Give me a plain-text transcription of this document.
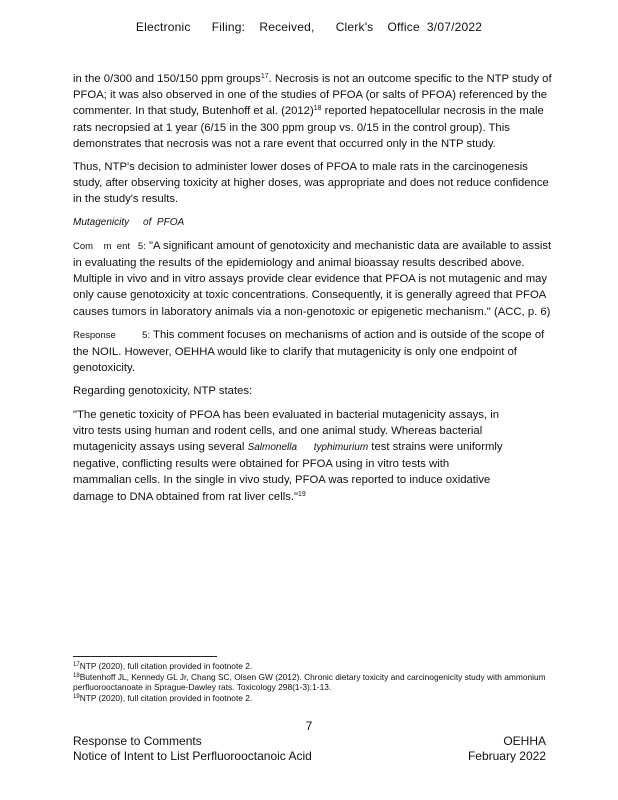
Electronic      Filing:    Received,      Clerk's    Office  3/07/2022

in the 0/300 and 150/150 ppm groups$^{17}$. Necrosis is not an outcome specific to the NTP study of PFOA; it was also observed in one of the studies of PFOA (or salts of PFOA) referenced by the commenter. In that study, Butenhoff et al. $(2012)^{18}$ reported hepatocellular necrosis in the male rats necropsied at 1 year (6/15 in the 300 ppm group vs. 0/15 in the control group). This demonstrates that necrosis was not a rare event that occurred only in the NTP study.

Thus, NTP's decision to administer lower doses of PFOA to male rats in the carcinogenesis study, after observing toxicity at higher doses, was appropriate and does not reduce confidence in the study's results.

Mutagenicity     of  PFOA

Com    m  ent   5: "A significant amount of genotoxicity and mechanistic data are available to assist in evaluating the results of the epidemiology and animal bioassay results described above. Multiple in vivo and in vitro assays provide clear evidence that PFOA is not mutagenic and may only cause genotoxicity at toxic concentrations. Consequently, it is generally agreed that PFOA causes tumors in laboratory animals via a non-genotoxic or epigenetic mechanism." (ACC, p. 6)

Response          5: This comment focuses on mechanisms of action and is outside of the scope of the NOIL. However, OEHHA would like to clarify that mutagenicity is only one endpoint of genotoxicity.

Regarding genotoxicity, NTP states:

"The genetic toxicity of PFOA has been evaluated in bacterial mutagenicity assays, in vitro tests using human and rodent cells, and one animal study. Whereas bacterial mutagenicity assays using several Salmonella      typhimurium test strains were uniformly negative, conflicting results were obtained for PFOA using in vitro tests with mammalian cells. In the single in vivo study, PFOA was reported to induce oxidative damage to DNA obtained from rat liver cells."$^{19}$

$^{17}$NTP (2020), full citation provided in footnote 2.
$^{18}$Butenhoff JL, Kennedy GL Jr, Chang SC, Olsen GW (2012). Chronic dietary toxicity and carcinogenicity study with ammonium perfluorooctanoate in Sprague-Dawley rats. Toxicology 298(1-3):1-13.
$^{19}$NTP (2020), full citation provided in footnote 2.
7
Response to Comments
Notice of Intent to List Perfluorooctanoic Acid
OEHHA
February 2022
